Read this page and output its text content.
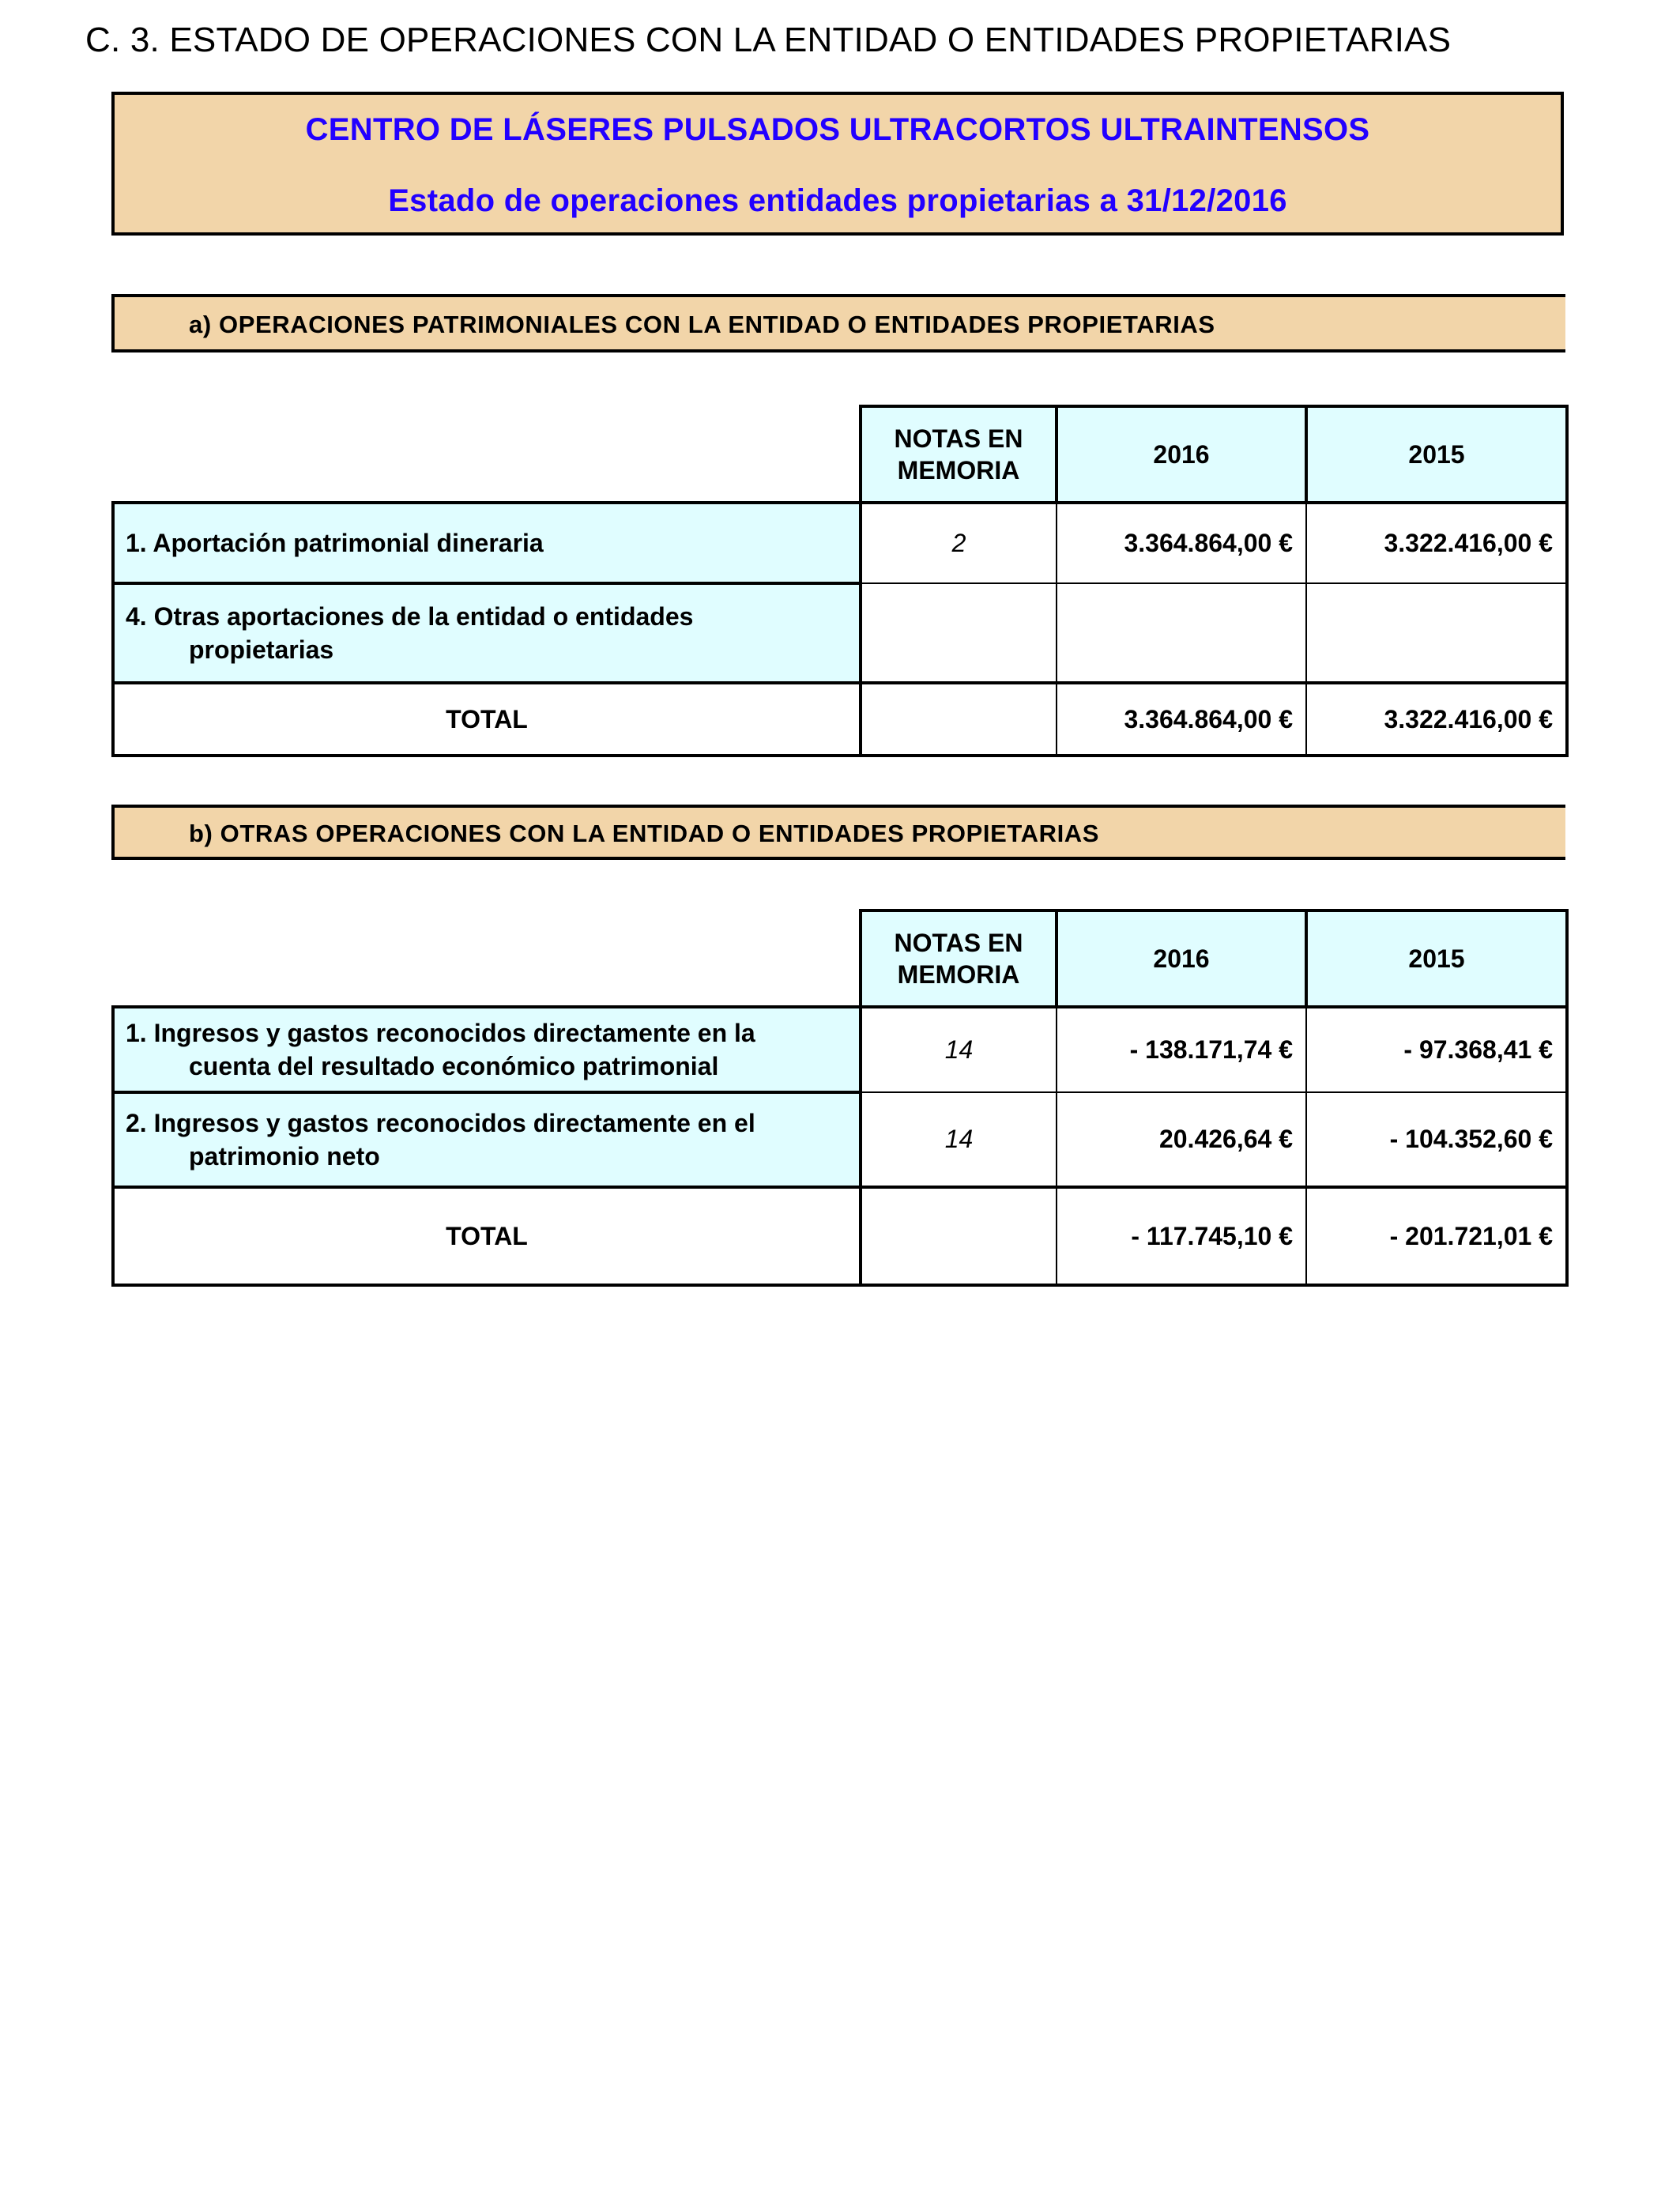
C. 3. ESTADO DE OPERACIONES CON LA ENTIDAD O ENTIDADES PROPIETARIAS
CENTRO DE LÁSERES PULSADOS ULTRACORTOS ULTRAINTENSOS
Estado de operaciones entidades propietarias a 31/12/2016
a) OPERACIONES PATRIMONIALES CON LA ENTIDAD O ENTIDADES PROPIETARIAS

	NOTAS EN
MEMORIA	2016	2015
1. Aportación patrimonial dineraria	2	3.364.864,00 €	3.322.416,00 €
4. Otras aportaciones de la entidad o entidades
propietarias			

TOTAL		3.364.864,00 €	3.322.416,00 €
b) OTRAS OPERACIONES CON LA ENTIDAD O ENTIDADES PROPIETARIAS

	NOTAS EN
MEMORIA	2016	2015
1. Ingresos y gastos reconocidos directamente en la
cuenta del resultado económico patrimonial	14	- 138.171,74 €	- 97.368,41 €
2. Ingresos y gastos reconocidos directamente en el
patrimonio neto	14	20.426,64 €	- 104.352,60 €
TOTAL		- 117.745,10 €	- 201.721,01 €
